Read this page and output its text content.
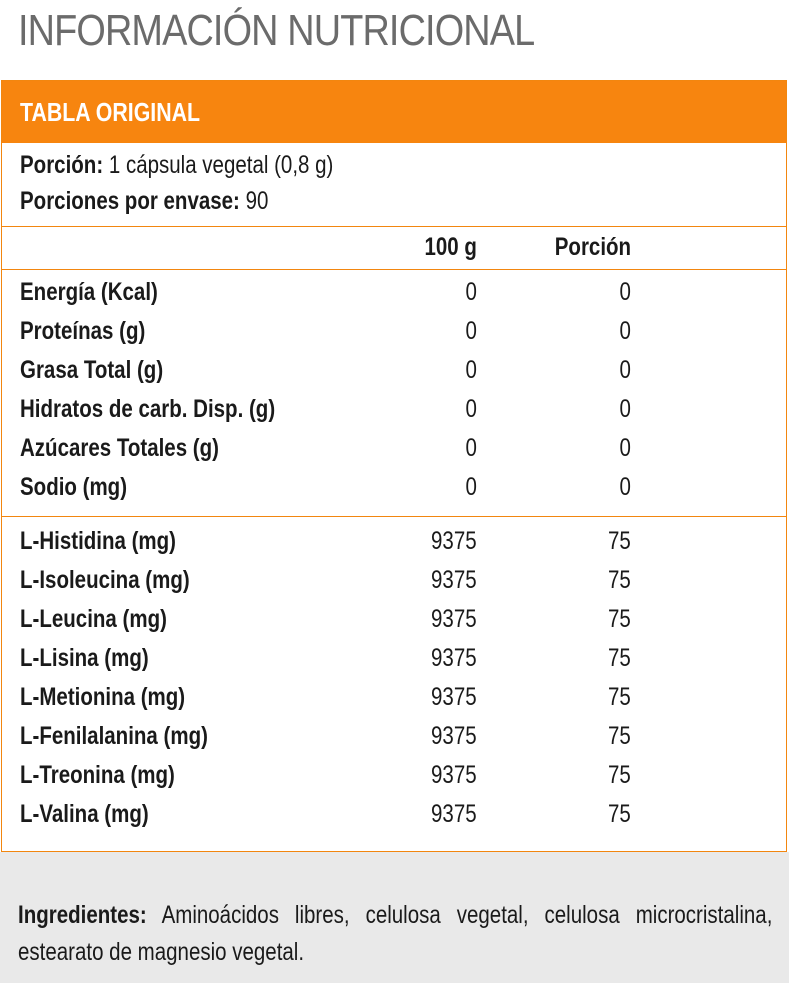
INFORMACIÓN NUTRICIONAL
TABLA ORIGINAL
Porción: 1 cápsula vegetal (0,8 g)
Porciones por envase: 90
100 g	Porción
Energía (Kcal)	0	0
Proteínas (g)	0	0
Grasa Total (g)	0	0
Hidratos de carb. Disp. (g)	0	0
Azúcares Totales (g)	0	0
Sodio (mg)	0	0
L-Histidina (mg)	9375	75
L-Isoleucina (mg)	9375	75
L-Leucina (mg)	9375	75
L-Lisina (mg)	9375	75
L-Metionina (mg)	9375	75
L-Fenilalanina (mg)	9375	75
L-Treonina (mg)	9375	75
L-Valina (mg)	9375	75
Ingredientes: Aminoácidos libres, celulosa vegetal, celulosa microcristalina, estearato de magnesio vegetal.
